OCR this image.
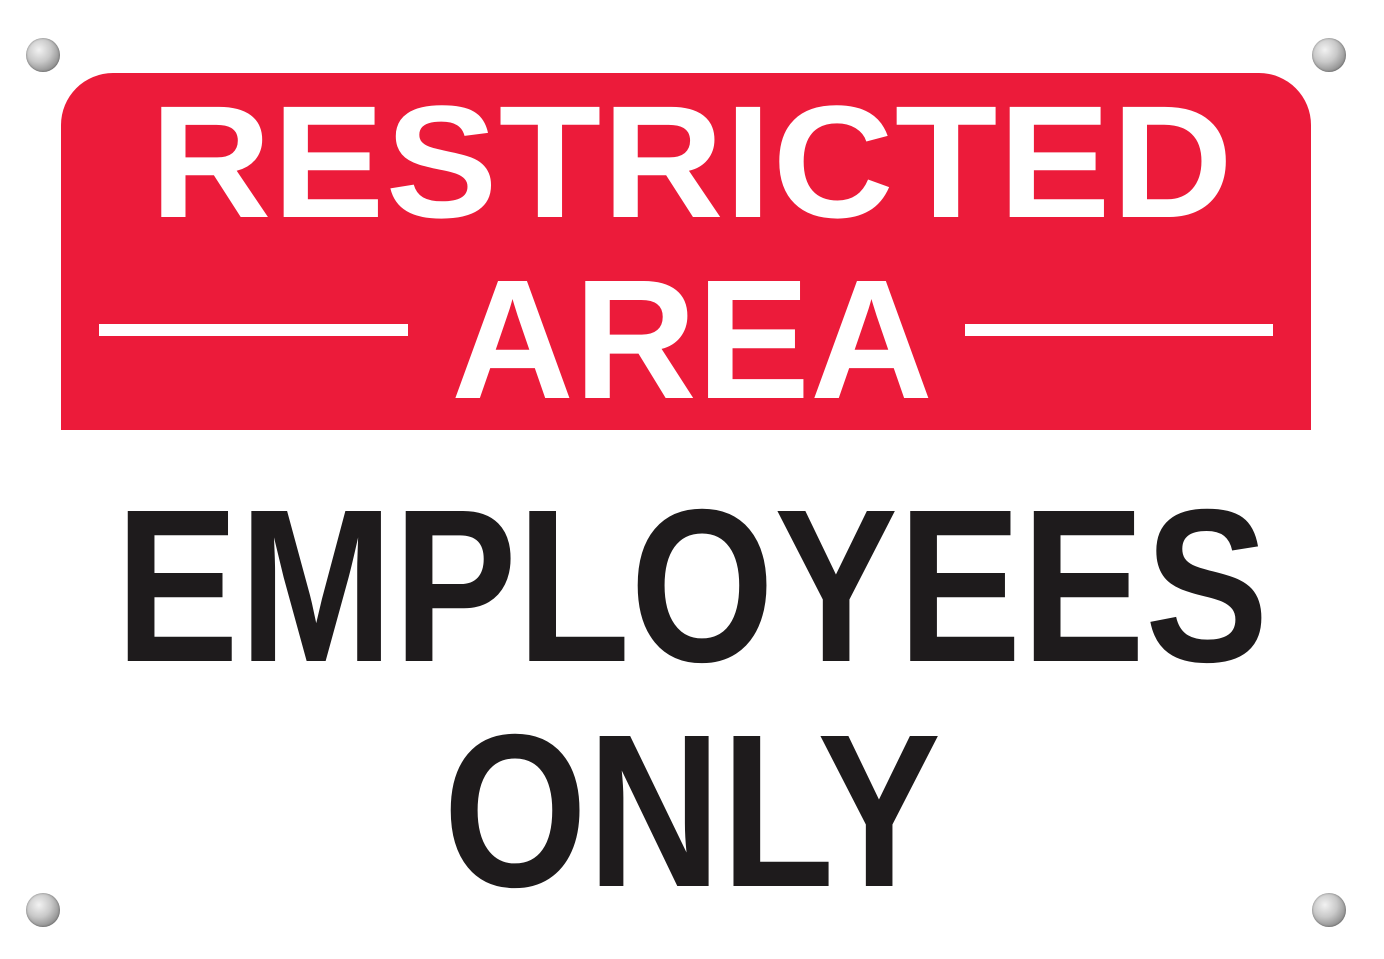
RESTRICTED
AREA
EMPLOYEES
ONLY
